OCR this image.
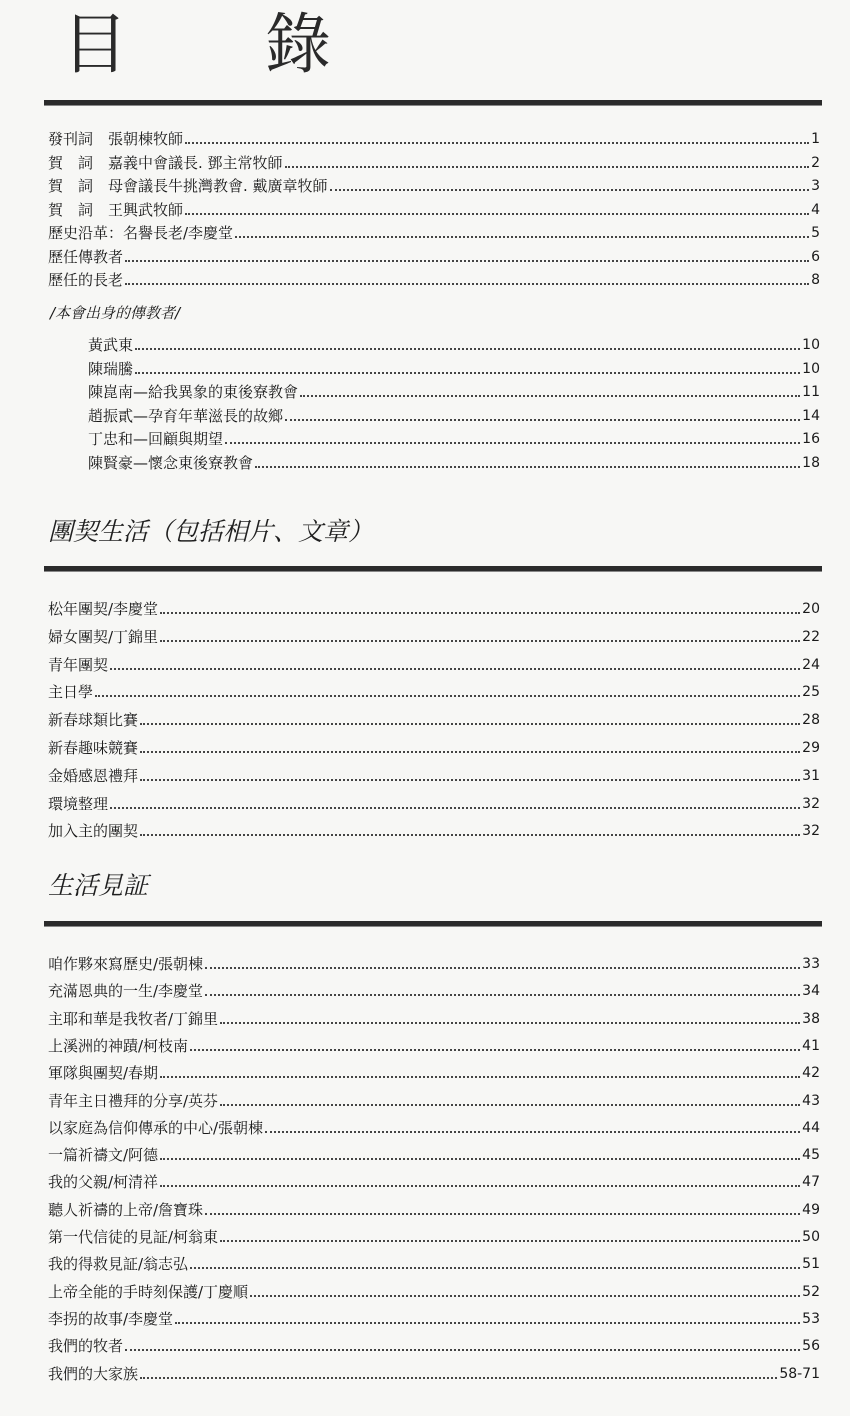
目 錄
發刊詞　張朝棟牧師	1
賀　詞　嘉義中會議長. 鄧主常牧師	2
賀　詞　母會議長牛挑灣教會. 戴廣章牧師	3
賀　詞　王興武牧師	4
歷史沿革：名譽長老/李慶堂	5
歷任傳教者	6
歷任的長老	8
/本會出身的傳教者/
黃武東	10
陳瑞騰	10
陳崑南—給我異象的東後寮教會	11
趙振貳—孕育年華滋長的故鄉	14
丁忠和—回顧與期望	16
陳賢豪—懷念東後寮教會	18
團契生活（包括相片、文章）
松年團契/李慶堂	20
婦女團契/丁錦里	22
青年團契	24
主日學	25
新春球類比賽	28
新春趣味競賽	29
金婚感恩禮拜	31
環境整理	32
加入主的團契	32
生活見証
咱作夥來寫歷史/張朝棟	33
充滿恩典的一生/李慶堂	34
主耶和華是我牧者/丁錦里	38
上溪洲的神蹟/柯枝南	41
軍隊與團契/春期	42
青年主日禮拜的分享/英芬	43
以家庭為信仰傳承的中心/張朝棟	44
一篇祈禱文/阿德	45
我的父親/柯清祥	47
聽人祈禱的上帝/詹寶珠	49
第一代信徒的見証/柯翁東	50
我的得救見証/翁志弘	51
上帝全能的手時刻保護/丁慶順	52
李拐的故事/李慶堂	53
我們的牧者	56
我們的大家族	58-71
